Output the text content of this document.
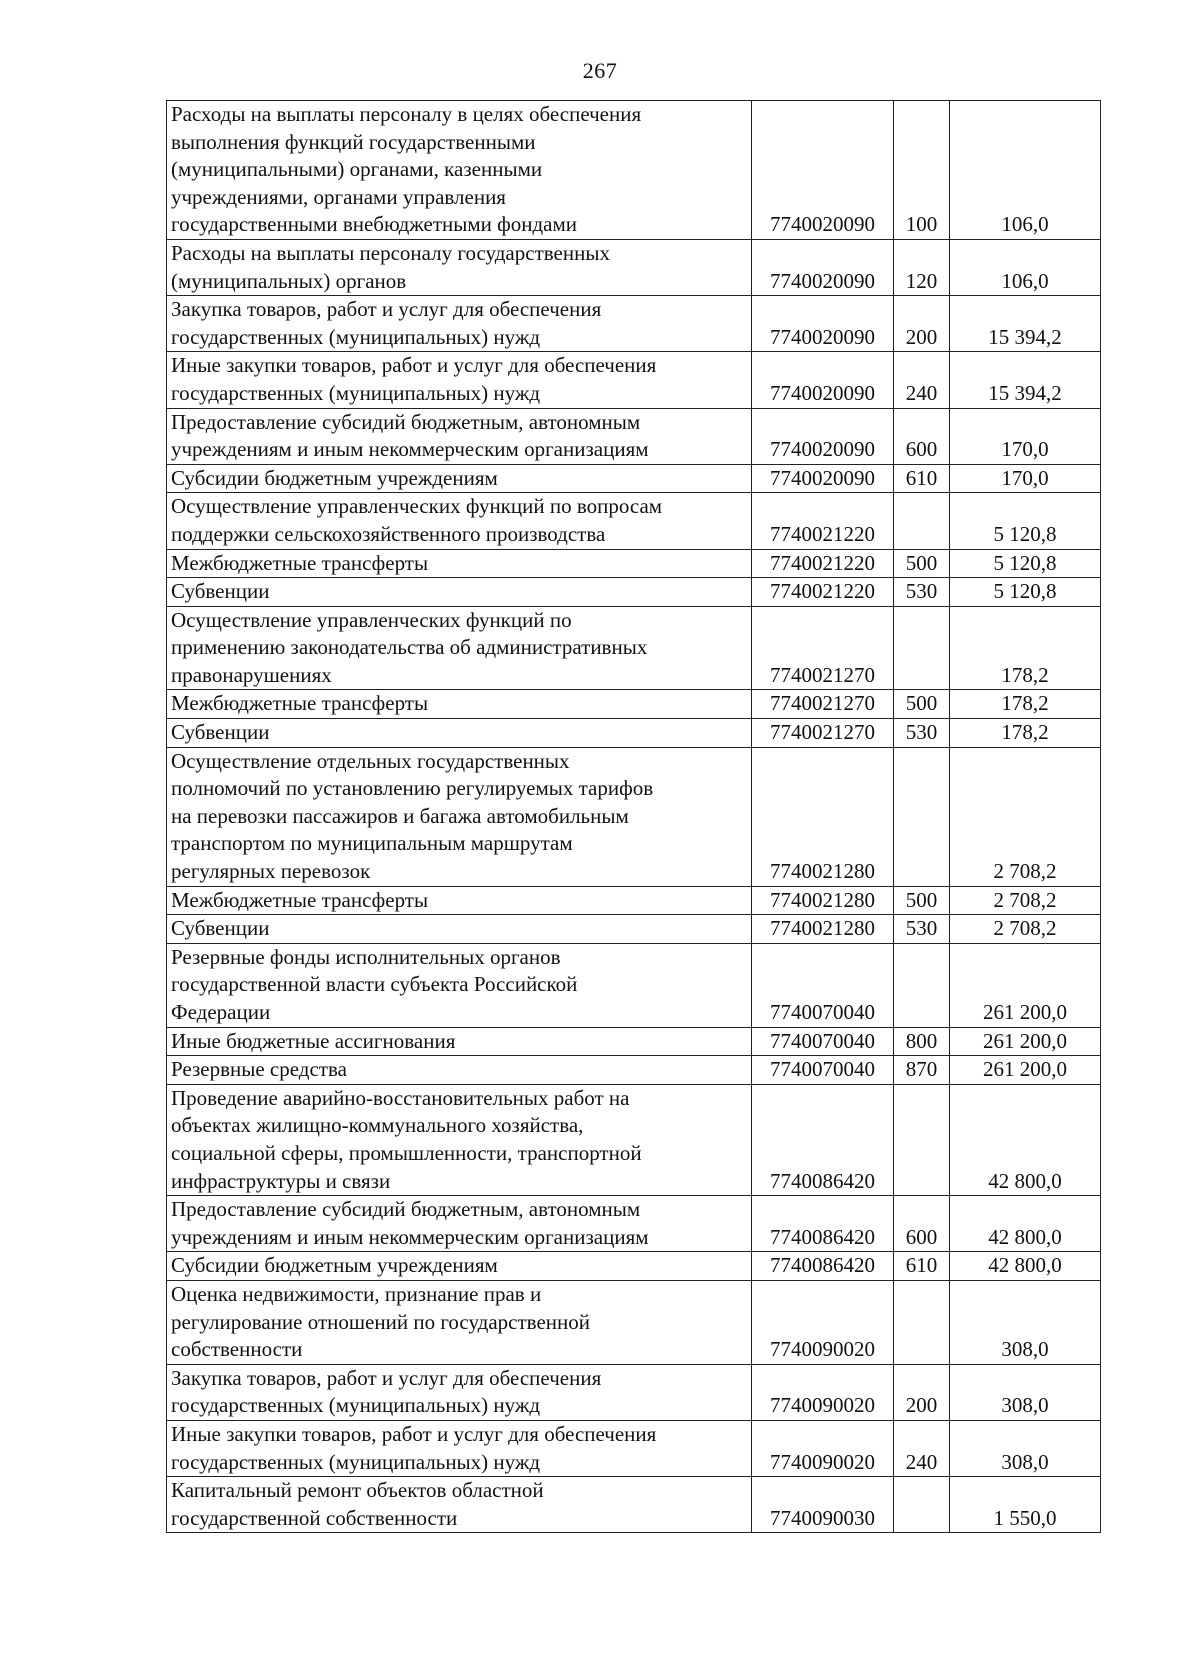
267
Расходы на выплаты персоналу в целях обеспечения
выполнения функций государственными
(муниципальными) органами, казенными
учреждениями, органами управления
государственными внебюджетными фондами	7740020090	100	106,0
Расходы на выплаты персоналу государственных
(муниципальных) органов	7740020090	120	106,0
Закупка товаров, работ и услуг для обеспечения
государственных (муниципальных) нужд	7740020090	200	15 394,2
Иные закупки товаров, работ и услуг для обеспечения
государственных (муниципальных) нужд	7740020090	240	15 394,2
Предоставление субсидий бюджетным, автономным
учреждениям и иным некоммерческим организациям	7740020090	600	170,0
Субсидии бюджетным учреждениям	7740020090	610	170,0
Осуществление управленческих функций по вопросам
поддержки сельскохозяйственного производства	7740021220		5 120,8
Межбюджетные трансферты	7740021220	500	5 120,8
Субвенции	7740021220	530	5 120,8
Осуществление управленческих функций по
применению законодательства об административных
правонарушениях	7740021270		178,2
Межбюджетные трансферты	7740021270	500	178,2
Субвенции	7740021270	530	178,2
Осуществление отдельных государственных
полномочий по установлению регулируемых тарифов
на перевозки пассажиров и багажа автомобильным
транспортом по муниципальным маршрутам
регулярных перевозок	7740021280		2 708,2
Межбюджетные трансферты	7740021280	500	2 708,2
Субвенции	7740021280	530	2 708,2
Резервные фонды исполнительных органов
государственной власти субъекта Российской
Федерации	7740070040		261 200,0
Иные бюджетные ассигнования	7740070040	800	261 200,0
Резервные средства	7740070040	870	261 200,0
Проведение аварийно-восстановительных работ на
объектах жилищно-коммунального хозяйства,
социальной сферы, промышленности, транспортной
инфраструктуры и связи	7740086420		42 800,0
Предоставление субсидий бюджетным, автономным
учреждениям и иным некоммерческим организациям	7740086420	600	42 800,0
Субсидии бюджетным учреждениям	7740086420	610	42 800,0
Оценка недвижимости, признание прав и
регулирование отношений по государственной
собственности	7740090020		308,0
Закупка товаров, работ и услуг для обеспечения
государственных (муниципальных) нужд	7740090020	200	308,0
Иные закупки товаров, работ и услуг для обеспечения
государственных (муниципальных) нужд	7740090020	240	308,0
Капитальный ремонт объектов областной
государственной собственности	7740090030		1 550,0
